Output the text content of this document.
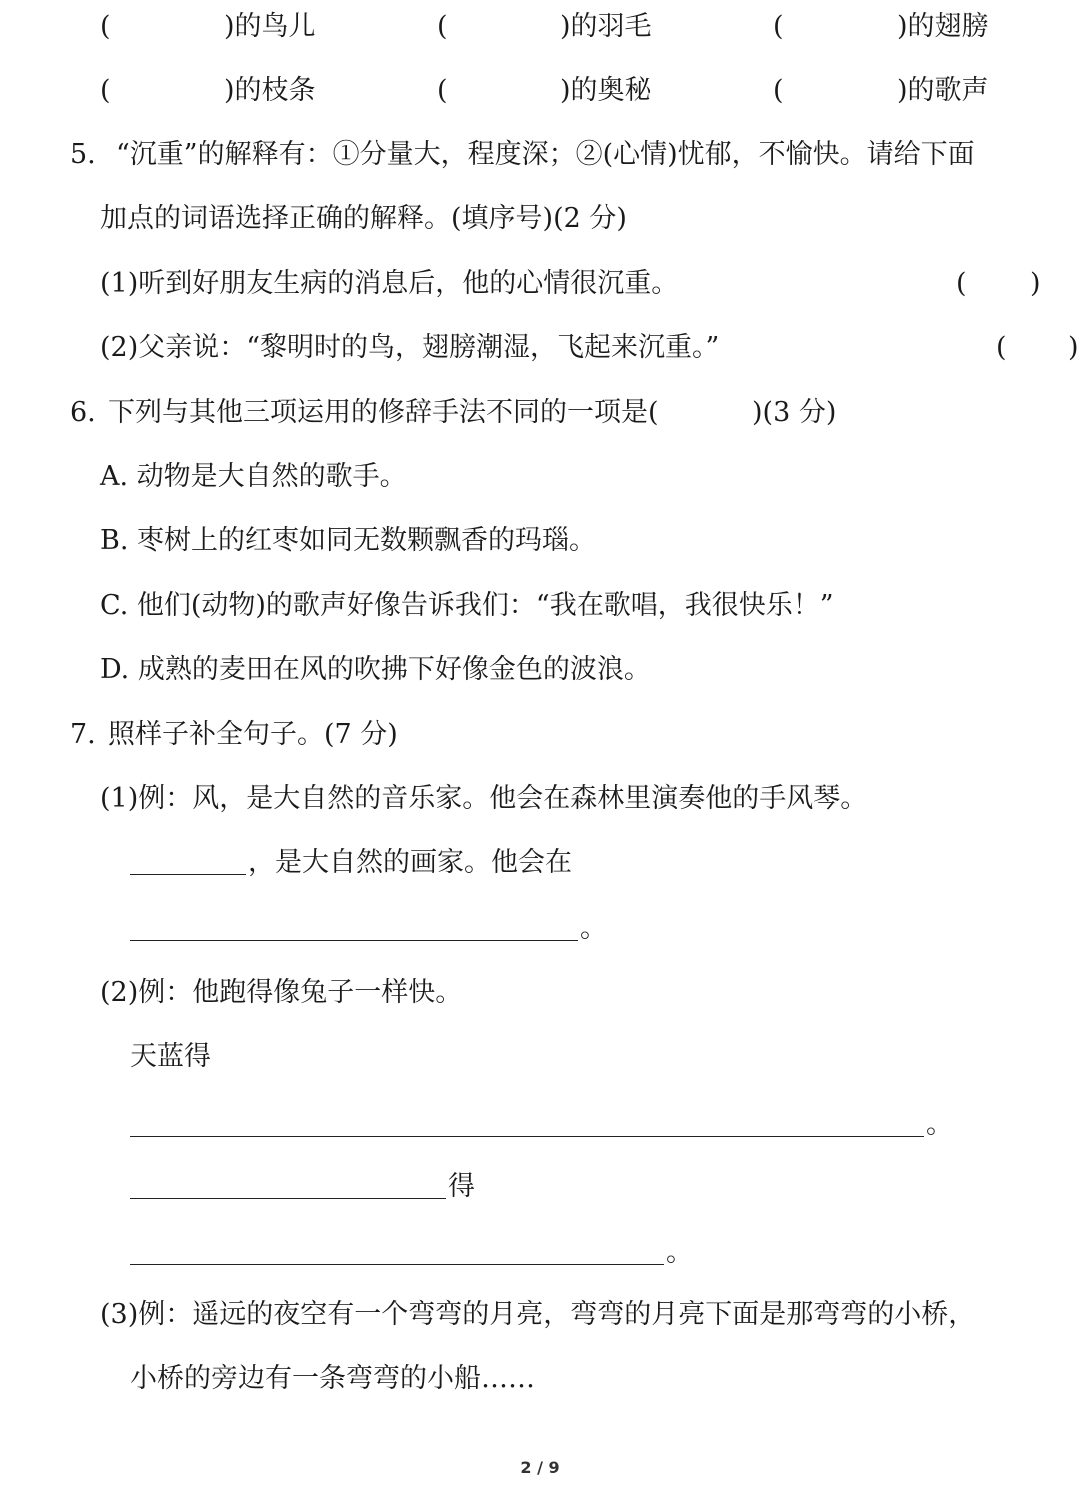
(	)的鸟儿	(	)的羽毛	(	)的翅膀
(	)的枝条	(	)的奥秘	(	)的歌声
5. “沉重”的解释有：①分量大，程度深；②(心情)忧郁，不愉快。请给下面
加点的词语选择正确的解释。(填序号)(2 分)
(1)听到好朋友生病的消息后，他的心情很沉重。	( )
(2)父亲说：“黎明时的鸟，翅膀潮湿，飞起来沉重。”	( )
6. 下列与其他三项运用的修辞手法不同的一项是(	)(3 分)
A. 动物是大自然的歌手。
B. 枣树上的红枣如同无数颗飘香的玛瑙。
C. 他们(动物)的歌声好像告诉我们：“我在歌唱，我很快乐！”
D. 成熟的麦田在风的吹拂下好像金色的波浪。
7. 照样子补全句子。(7 分)
(1)例：风，是大自然的音乐家。他会在森林里演奏他的手风琴。
，是大自然的画家。他会在
。
(2)例：他跑得像兔子一样快。
天蓝得
。
得
。
(3)例：遥远的夜空有一个弯弯的月亮，弯弯的月亮下面是那弯弯的小桥，
小桥的旁边有一条弯弯的小船……
2 / 9
